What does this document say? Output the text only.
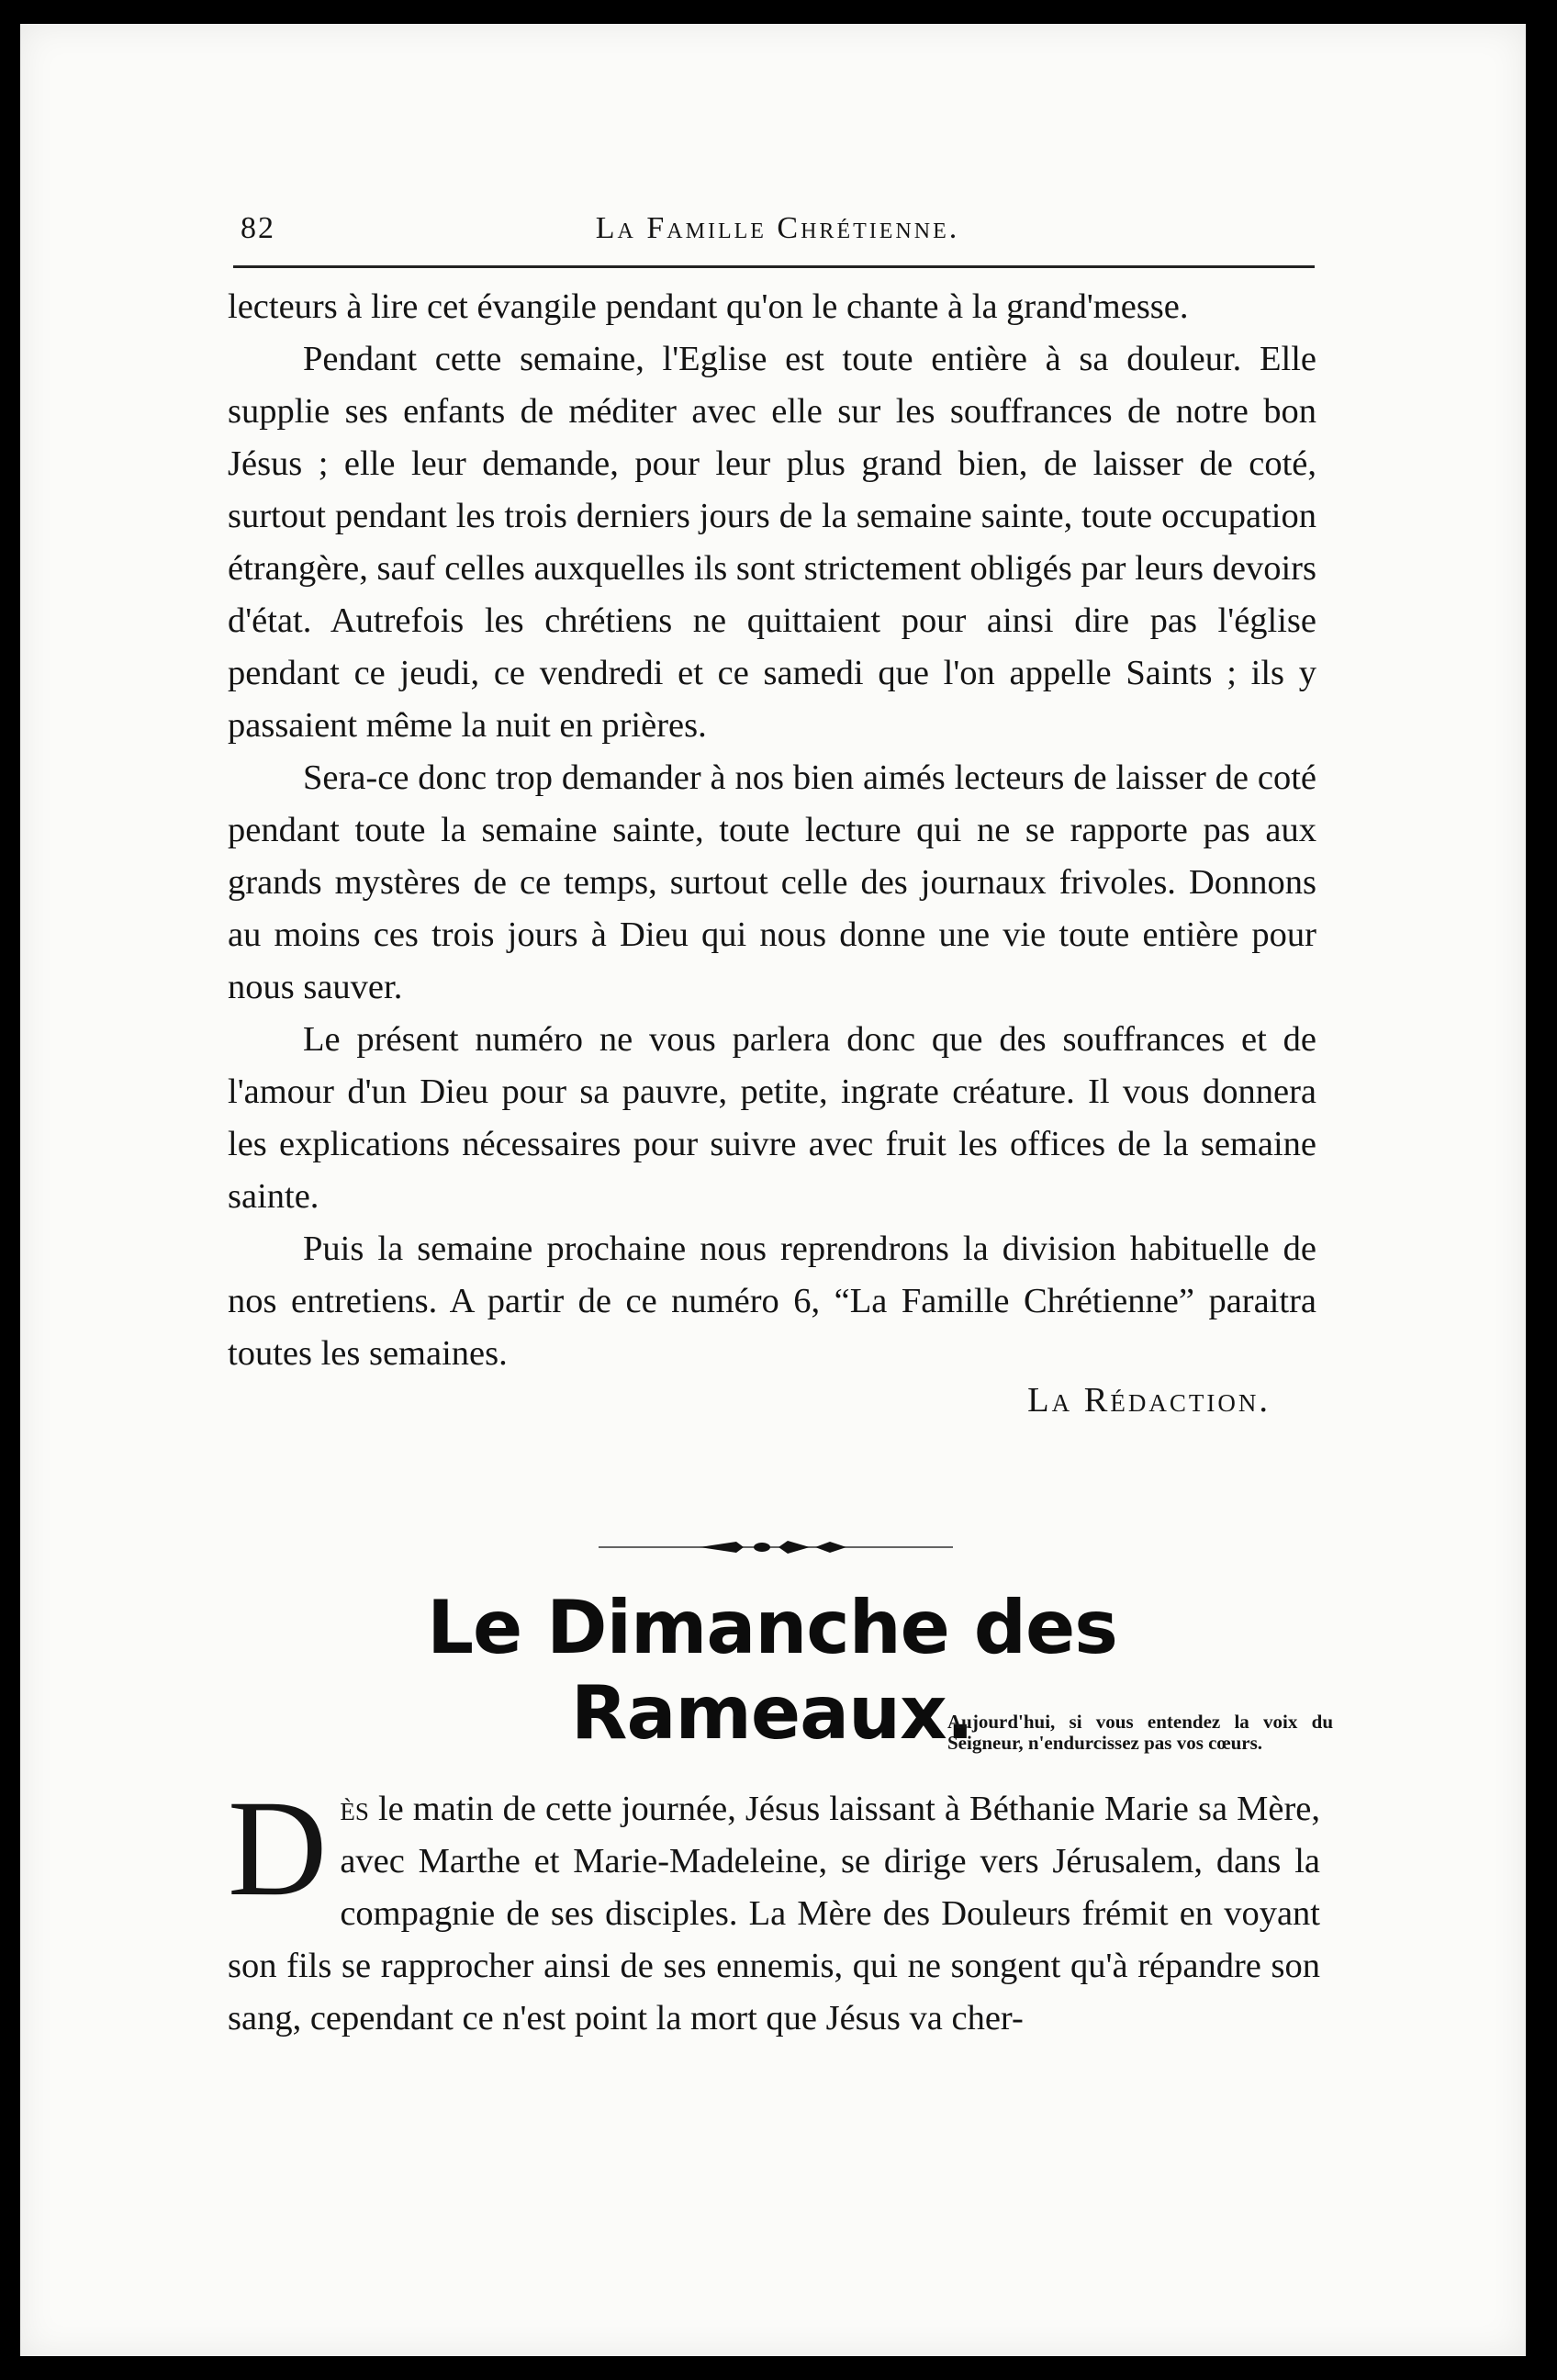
82	La Famille Chrétienne.

lecteurs à lire cet évangile pendant qu'on le chante à la grand'messe.

Pendant cette semaine, l'Eglise est toute entière à sa douleur. Elle supplie ses enfants de méditer avec elle sur les souffrances de notre bon Jésus ; elle leur demande, pour leur plus grand bien, de laisser de coté, surtout pendant les trois derniers jours de la semaine sainte, toute occupation étrangère, sauf celles auxquelles ils sont strictement obligés par leurs devoirs d'état. Autrefois les chrétiens ne quittaient pour ainsi dire pas l'église pendant ce jeudi, ce vendredi et ce samedi que l'on appelle Saints ; ils y passaient même la nuit en prières.

Sera-ce donc trop demander à nos bien aimés lecteurs de laisser de coté pendant toute la semaine sainte, toute lecture qui ne se rapporte pas aux grands mystères de ce temps, surtout celle des journaux frivoles. Donnons au moins ces trois jours à Dieu qui nous donne une vie toute entière pour nous sauver.

Le présent numéro ne vous parlera donc que des souffrances et de l'amour d'un Dieu pour sa pauvre, petite, ingrate créature. Il vous donnera les explications nécessaires pour suivre avec fruit les offices de la semaine sainte.

Puis la semaine prochaine nous reprendrons la division habituelle de nos entretiens. A partir de ce numéro 6, “La Famille Chrétienne” paraitra toutes les semaines.

La Rédaction.
Le Dimanche des Rameaux.
Aujourd'hui, si vous entendez la voix du Seigneur, n'endurcissez pas vos cœurs.

D ès le matin de cette journée, Jésus laissant à Béthanie Marie sa Mère, avec Marthe et Marie-Madeleine, se dirige vers Jérusalem, dans la compagnie de ses disciples. La Mère des Douleurs frémit en voyant son fils se rapprocher ainsi de ses ennemis, qui ne songent qu'à répandre son sang, cependant ce n'est point la mort que Jésus va cher-
